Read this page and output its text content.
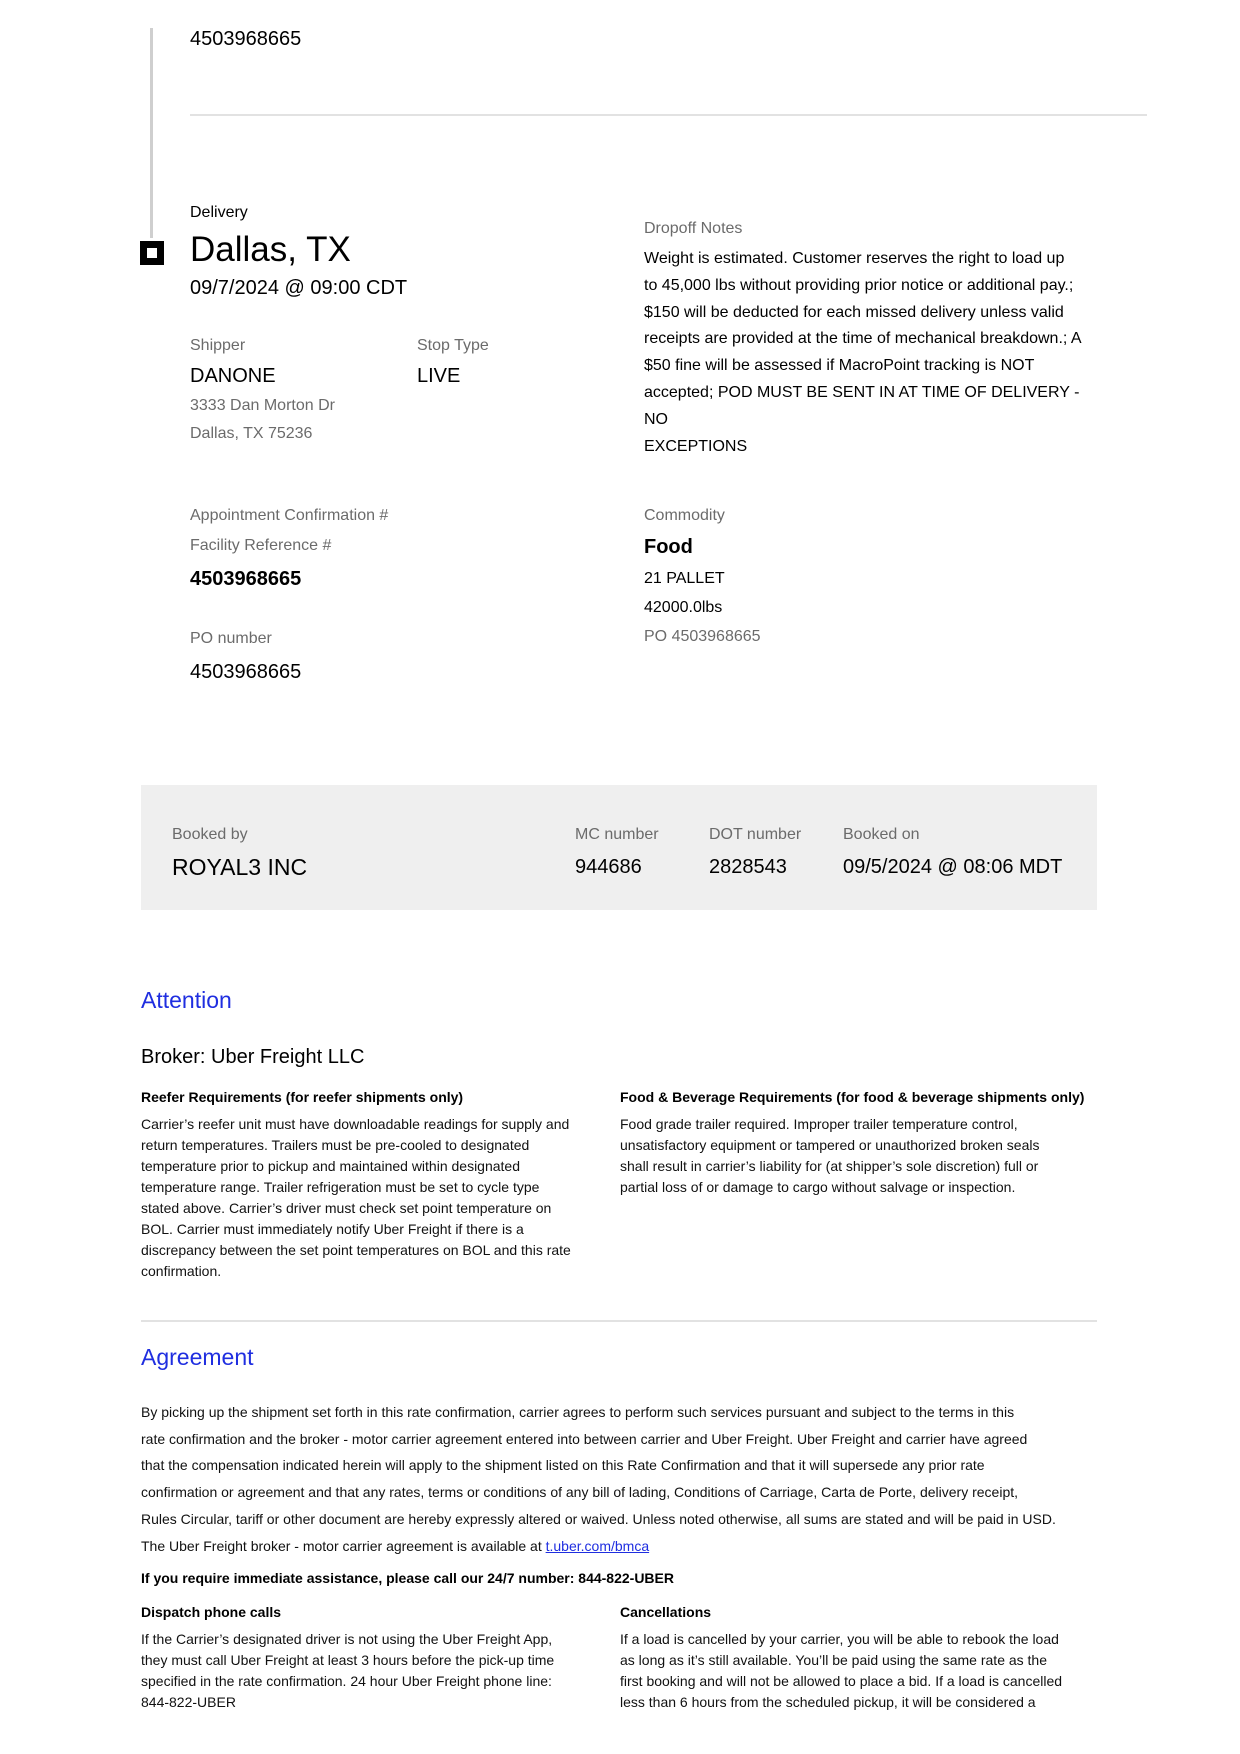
4503968665
Delivery
Dallas, TX
09/7/2024 @ 09:00 CDT
Shipper
DANONE
3333 Dan Morton Dr
Dallas, TX 75236
Stop Type
LIVE
Dropoff Notes
Weight is estimated. Customer reserves the right to load up
to 45,000 lbs without providing prior notice or additional pay.;
$150 will be deducted for each missed delivery unless valid
receipts are provided at the time of mechanical breakdown.; A
$50 fine will be assessed if MacroPoint tracking is NOT
accepted; POD MUST BE SENT IN AT TIME OF DELIVERY - NO
EXCEPTIONS
Appointment Confirmation #
Facility Reference #
4503968665
PO number
4503968665
Commodity
Food
21 PALLET
42000.0lbs
PO 4503968665
Booked by
ROYAL3 INC
MC number
944686
DOT number
2828543
Booked on
09/5/2024 @ 08:06 MDT
Attention
Broker: Uber Freight LLC
Reefer Requirements (for reefer shipments only)
Carrier’s reefer unit must have downloadable readings for supply and
return temperatures. Trailers must be pre-cooled to designated
temperature prior to pickup and maintained within designated
temperature range. Trailer refrigeration must be set to cycle type
stated above. Carrier’s driver must check set point temperature on
BOL. Carrier must immediately notify Uber Freight if there is a
discrepancy between the set point temperatures on BOL and this rate
confirmation.
Food & Beverage Requirements (for food & beverage shipments only)
Food grade trailer required. Improper trailer temperature control,
unsatisfactory equipment or tampered or unauthorized broken seals
shall result in carrier’s liability for (at shipper’s sole discretion) full or
partial loss of or damage to cargo without salvage or inspection.
Agreement
By picking up the shipment set forth in this rate confirmation, carrier agrees to perform such services pursuant and subject to the terms in this
rate confirmation and the broker - motor carrier agreement entered into between carrier and Uber Freight. Uber Freight and carrier have agreed
that the compensation indicated herein will apply to the shipment listed on this Rate Confirmation and that it will supersede any prior rate
confirmation or agreement and that any rates, terms or conditions of any bill of lading, Conditions of Carriage, Carta de Porte, delivery receipt,
Rules Circular, tariff or other document are hereby expressly altered or waived. Unless noted otherwise, all sums are stated and will be paid in USD.
The Uber Freight broker - motor carrier agreement is available at t.uber.com/bmca
If you require immediate assistance, please call our 24/7 number: 844-822-UBER
Dispatch phone calls
If the Carrier’s designated driver is not using the Uber Freight App,
they must call Uber Freight at least 3 hours before the pick-up time
specified in the rate confirmation. 24 hour Uber Freight phone line:
844-822-UBER
Cancellations
If a load is cancelled by your carrier, you will be able to rebook the load
as long as it’s still available. You’ll be paid using the same rate as the
first booking and will not be allowed to place a bid. If a load is cancelled
less than 6 hours from the scheduled pickup, it will be considered a
